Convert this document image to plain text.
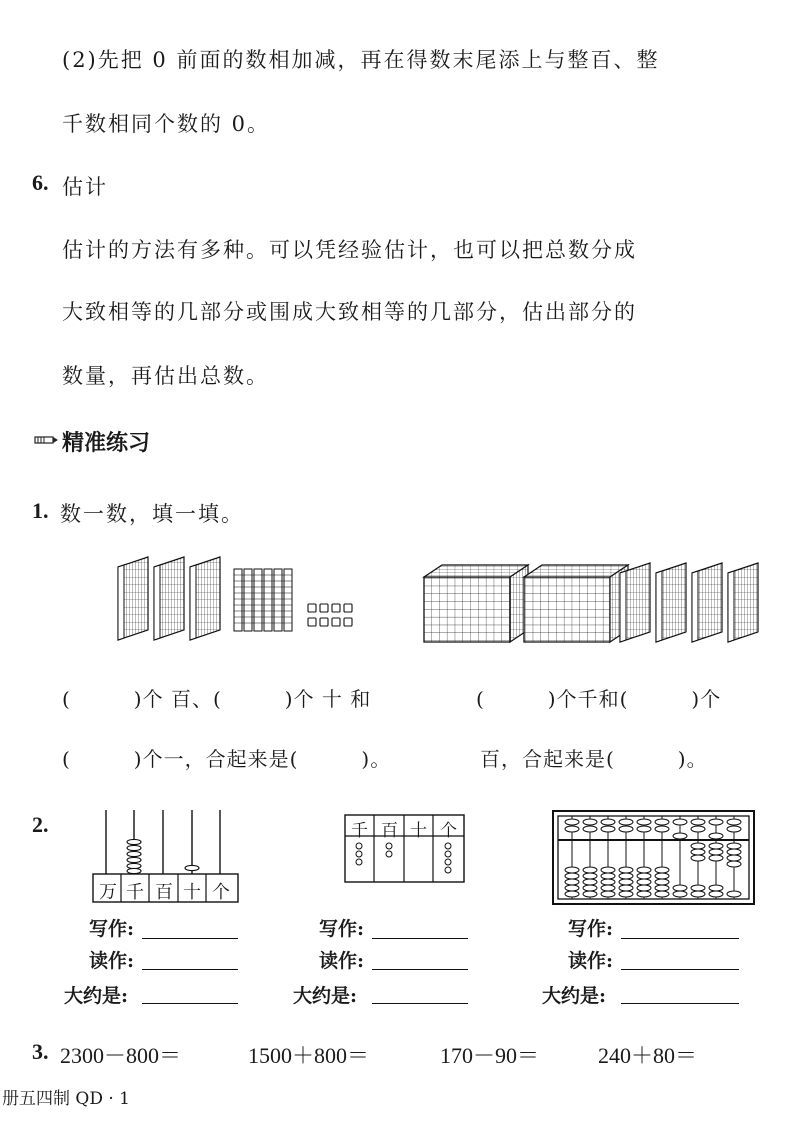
(2)先把 0 前面的数相加减，再在得数末尾添上与整百、整
千数相同个数的 0。
6. 估计
估计的方法有多种。可以凭经验估计，也可以把总数分成
大致相等的几部分或围成大致相等的几部分，估出部分的
数量，再估出总数。
精准练习
1. 数一数，填一填。
(　　　)个 百、(　　　)个 十 和
(　　　)个一，合起来是(　　　)。
(　　　)个千和(　　　)个
百，合起来是(　　　)。
2.
万 千 百 十 个
千 百 十 个
写作:
读作:
大约是:
写作:
读作:
大约是:
写作:
读作:
大约是:
3. 2300－800＝	1500＋800＝	170－90＝	240＋80＝
册五四制 QD · 1
